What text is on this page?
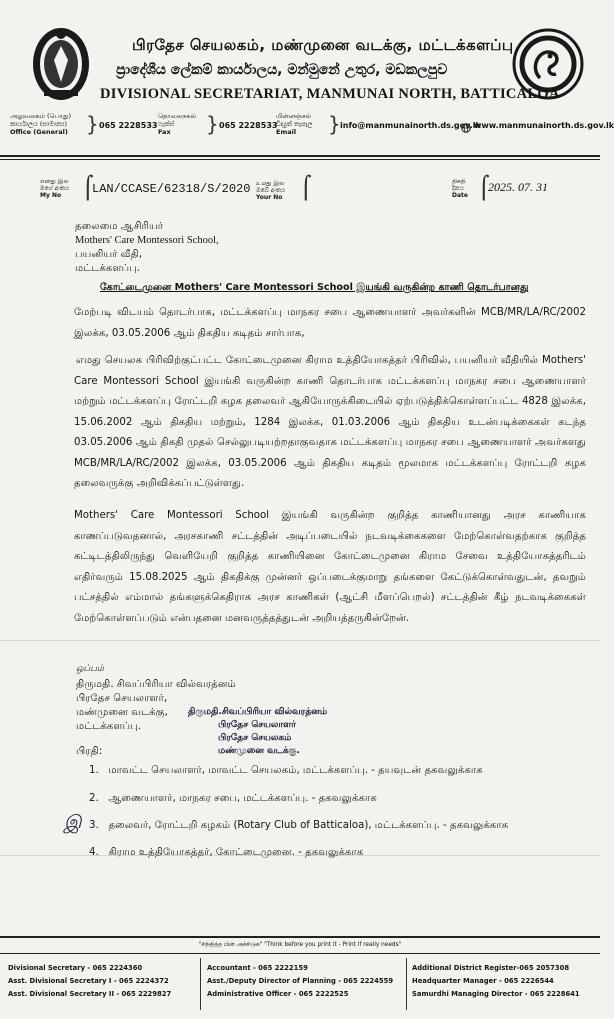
பிரதேச செயலகம், மண்முனை வடக்கு, மட்டக்களப்பு
ප්‍රාදේශීය ලේකම් කාර්යාලය, මන්මුනේ උතුර, මඩකලපුව
DIVISIONAL SECRETARIAT, MANMUNAI NORTH, BATTICALOA
அலுவலகம் (பொது)
කාර්යාලය (සාමාන්‍ය)
Office (General) } 065 2228533
தொலைநகல்
ෆැක්ස්
Fax	} 065 2228533
மின்னஞ்சல்
විද්‍යුත් තැපෑල
Email	} info@manmunainorth.ds.gov.lk
www.manmunainorth.ds.gov.lk
எனது இல
මගේ අංකය
My No ⌠
LAN/CCASE/62318/S/2020 உமது இல
ඔබේ අංකය
Your No ⌠	திகதி
දිනය
Date ⌠
2025. 07. 31
தலைமை ஆசிரியர்
Mothers' Care Montessori School,
பயனியர் வீதி,
மட்டக்களப்பு.
கோட்டைமுனை Mothers' Care Montessori School இயங்கி வருகின்ற காணி தொடர்பானது
மேற்படி விடயம் தொடர்பாக, மட்டக்களப்பு மாநகர சபை ஆணையாளர் அவர்களின் MCB/MR/LA/RC/2002 இலக்க, 03.05.2006 ஆம் திகதிய கடிதம் சார்பாக,
எமது செயலக பிரிவிற்குட்பட்ட கோட்டைமுனை கிராம உத்தியோகத்தர் பிரிவில், பயனியர் வீதியில் Mothers' Care Montessori School இயங்கி வருகின்ற காணி தொடர்பாக மட்டக்களப்பு மாநகர சபை ஆணையாளர் மற்றும் மட்டக்களப்பு ரோட்டறி கழக தலைவர் ஆகியோருக்கிடையில் ஏற்படுத்திக்கொள்ளப்பட்ட 4828 இலக்க, 15.06.2002 ஆம் திகதிய மற்றும், 1284 இலக்க, 01.03.2006 ஆம் திகதிய உடன்படிக்கைகள் கடந்த 03.05.2006 ஆம் திகதி முதல் செல்லுபடியற்றதாகுவதாக மட்டக்களப்பு மாநகர சபை ஆணையாளர் அவர்களது MCB/MR/LA/RC/2002 இலக்க, 03.05.2006 ஆம் திகதிய கடிதம் மூலமாக மட்டக்களப்பு ரோட்டறி கழக தலைவருக்கு அறிவிக்கப்பட்டுள்ளது.
Mothers' Care Montessori School இயங்கி வருகின்ற குறித்த காணியானது அரச காணியாக காணப்படுவதனால், அரசகாணி சட்டத்தின் அடிப்படையில் நடவடிக்கைகளை மேற்கொள்வதற்காக குறித்த கட்டிடத்திலிருந்து வெளியேறி குறித்த காணியினை கோட்டைமுனை கிராம சேவை உத்தியோகத்தரிடம் எதிர்வரும் 15.08.2025 ஆம் திகதிக்கு முன்னர் ஒப்படைக்குமாறு தங்களை கேட்டுக்கொள்வதுடன், தவறும் பட்சத்தில் எம்மால் தங்களுக்கெதிராக அரச காணிகள் (ஆட்சி மீளப்பெறல்) சட்டத்தின் கீழ் நடவடிக்கைகள் மேற்கொள்ளப்படும் என்பதனை மனவருத்தத்துடன் அறியத்தருகின்றேன்.
ஒப்பம்
திருமதி. சிவப்பிரியா வில்வரத்னம்
பிரதேச செயலாளர்,
மண்முனை வடக்கு,
மட்டக்களப்பு.
திருமதி.சிவப்பிரியா வில்வரத்னம்
பிரதேச செயலாளர்
பிரதேச செயலகம்
மண்முனை வடக்கு.
பிரதி:
1. மாவட்ட செயலாளர், மாவட்ட செயலகம், மட்டக்களப்பு. - தயவுடன் தகவலுக்காக
2. ஆணையாளர், மாநகர சபை, மட்டக்களப்பு. - தகவலுக்காக
இ 3. தலைவர், ரோட்டறி கழகம் (Rotary Club of Batticaloa), மட்டக்களப்பு. - தகவலுக்காக
4. கிராம உத்தியோகத்தர், கோட்டைமுனை. - தகவலுக்காக
"சிந்தித்த பின் அச்சிடுக" "Think before you print it - Print if really needs"
Divisional Secretary - 065 2224360
Asst. Divisional Secretary I - 065 2224372
Asst. Divisional Secretary II - 065 2229827
Accountant - 065 2222159
Asst./Deputy Director of Planning - 065 2224559
Administrative Officer - 065 2222525
Additional District Register-065 2057308
Headquarter Manager - 065 2226544
Samurdhi Managing Director - 065 2228641
